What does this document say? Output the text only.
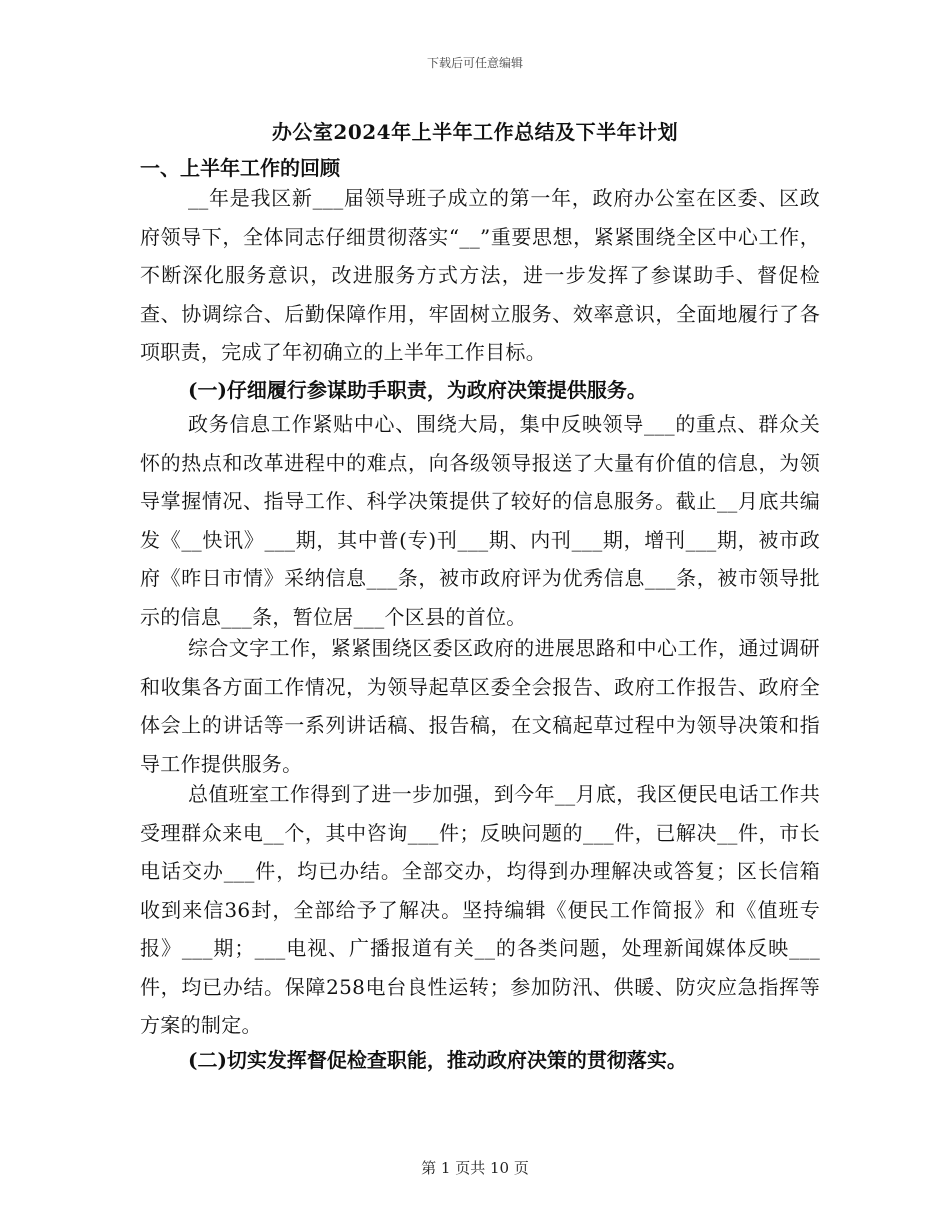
下载后可任意编辑
办公室2024年上半年工作总结及下半年计划
一、上半年工作的回顾

__年是我区新___届领导班子成立的第一年，政府办公室在区委、区政府领导下，全体同志仔细贯彻落实“__”重要思想，紧紧围绕全区中心工作，不断深化服务意识，改进服务方式方法，进一步发挥了参谋助手、督促检查、协调综合、后勤保障作用，牢固树立服务、效率意识，全面地履行了各项职责，完成了年初确立的上半年工作目标。

(一)仔细履行参谋助手职责，为政府决策提供服务。

政务信息工作紧贴中心、围绕大局，集中反映领导___的重点、群众关怀的热点和改革进程中的难点，向各级领导报送了大量有价值的信息，为领导掌握情况、指导工作、科学决策提供了较好的信息服务。截止__月底共编发《__快讯》___期，其中普(专)刊___期、内刊___期，增刊___期，被市政府《昨日市情》采纳信息___条，被市政府评为优秀信息___条，被市领导批示的信息___条，暂位居___个区县的首位。

综合文字工作，紧紧围绕区委区政府的进展思路和中心工作，通过调研和收集各方面工作情况，为领导起草区委全会报告、政府工作报告、政府全体会上的讲话等一系列讲话稿、报告稿，在文稿起草过程中为领导决策和指导工作提供服务。

总值班室工作得到了进一步加强，到今年__月底，我区便民电话工作共受理群众来电__个，其中咨询___件；反映问题的___件，已解决__件，市长电话交办___件，均已办结。全部交办，均得到办理解决或答复；区长信箱收到来信36封，全部给予了解决。坚持编辑《便民工作简报》和《值班专报》___期；___电视、广播报道有关__的各类问题，处理新闻媒体反映___件，均已办结。保障258电台良性运转；参加防汛、供暖、防灾应急指挥等方案的制定。

(二)切实发挥督促检查职能，推动政府决策的贯彻落实。
第 1 页共 10 页
